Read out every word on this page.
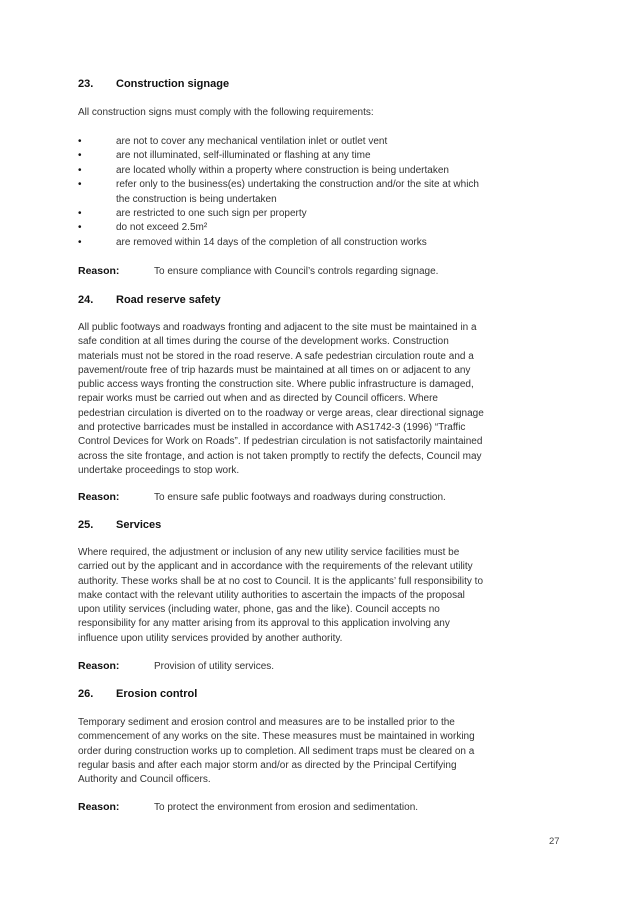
23. Construction signage

All construction signs must comply with the following requirements:

•	are not to cover any mechanical ventilation inlet or outlet vent
•	are not illuminated, self-illuminated or flashing at any time
•	are located wholly within a property where construction is being undertaken
•	refer only to the business(es) undertaking the construction and/or the site at which
the construction is being undertaken
•	are restricted to one such sign per property
•	do not exceed 2.5m²
•	are removed within 14 days of the completion of all construction works
Reason:	To ensure compliance with Council’s controls regarding signage.
24. Road reserve safety

All public footways and roadways fronting and adjacent to the site must be maintained in a

safe condition at all times during the course of the development works. Construction

materials must not be stored in the road reserve. A safe pedestrian circulation route and a

pavement/route free of trip hazards must be maintained at all times on or adjacent to any

public access ways fronting the construction site. Where public infrastructure is damaged,

repair works must be carried out when and as directed by Council officers. Where

pedestrian circulation is diverted on to the roadway or verge areas, clear directional signage

and protective barricades must be installed in accordance with AS1742-3 (1996) “Traffic

Control Devices for Work on Roads”. If pedestrian circulation is not satisfactorily maintained

across the site frontage, and action is not taken promptly to rectify the defects, Council may

undertake proceedings to stop work.

Reason:	To ensure safe public footways and roadways during construction.
25. Services

Where required, the adjustment or inclusion of any new utility service facilities must be

carried out by the applicant and in accordance with the requirements of the relevant utility

authority. These works shall be at no cost to Council. It is the applicants’ full responsibility to

make contact with the relevant utility authorities to ascertain the impacts of the proposal

upon utility services (including water, phone, gas and the like). Council accepts no

responsibility for any matter arising from its approval to this application involving any

influence upon utility services provided by another authority.

Reason:	Provision of utility services.
26. Erosion control

Temporary sediment and erosion control and measures are to be installed prior to the

commencement of any works on the site. These measures must be maintained in working

order during construction works up to completion. All sediment traps must be cleared on a

regular basis and after each major storm and/or as directed by the Principal Certifying

Authority and Council officers.

Reason:	To protect the environment from erosion and sedimentation.
27
